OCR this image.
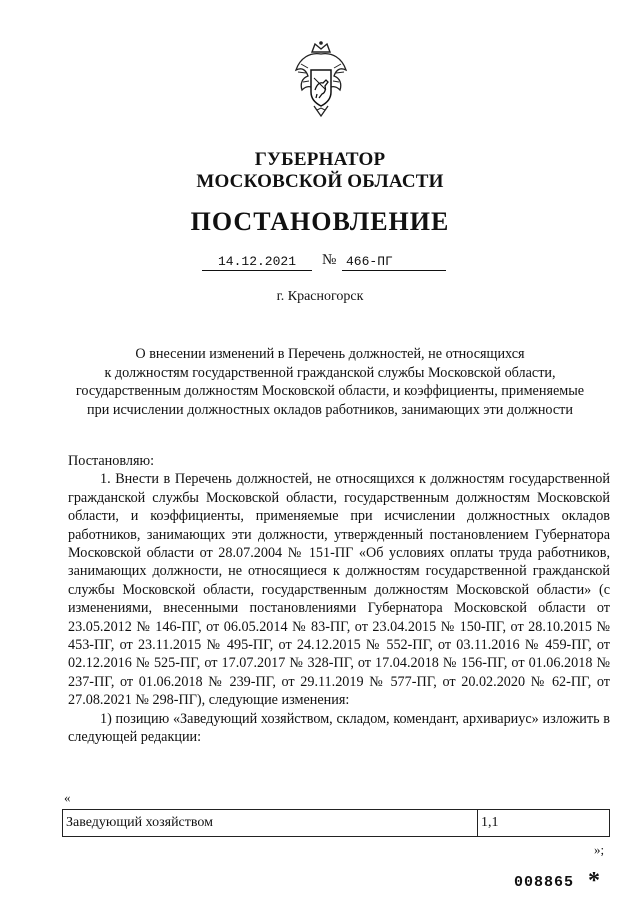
ГУБЕРНАТОР
МОСКОВСКОЙ ОБЛАСТИ
ПОСТАНОВЛЕНИЕ
14.12.2021	№ 466-ПГ
г. Красногорск
О внесении изменений в Перечень должностей, не относящихся
к должностям государственной гражданской службы Московской области,
государственным должностям Московской области, и коэффициенты, применяемые
при исчислении должностных окладов работников, занимающих эти должности

Постановляю:

1. Внести в Перечень должностей, не относящихся к должностям государственной гражданской службы Московской области, государственным должностям Московской области, и коэффициенты, применяемые при исчислении должностных окладов работников, занимающих эти должности, утвержденный постановлением Губернатора Московской области от 28.07.2004 № 151-ПГ «Об условиях оплаты труда работников, занимающих должности, не относящиеся к должностям государственной гражданской службы Московской области, государственным должностям Московской области» (с изменениями, внесенными постановлениями Губернатора Московской области от 23.05.2012 № 146-ПГ, от 06.05.2014 № 83-ПГ, от 23.04.2015 № 150-ПГ, от 28.10.2015 № 453-ПГ, от 23.11.2015 № 495-ПГ, от 24.12.2015 № 552-ПГ, от 03.11.2016 № 459-ПГ, от 02.12.2016 № 525-ПГ, от 17.07.2017 № 328-ПГ, от 17.04.2018 № 156-ПГ, от 01.06.2018 № 237-ПГ, от 01.06.2018 № 239-ПГ, от 29.11.2019 № 577-ПГ, от 20.02.2020 № 62-ПГ, от 27.08.2021 № 298-ПГ), следующие изменения:

1) позицию «Заведующий хозяйством, складом, комендант, архивариус» изложить в следующей редакции:

«
Заведующий хозяйством	1,1
»;
008865 *
